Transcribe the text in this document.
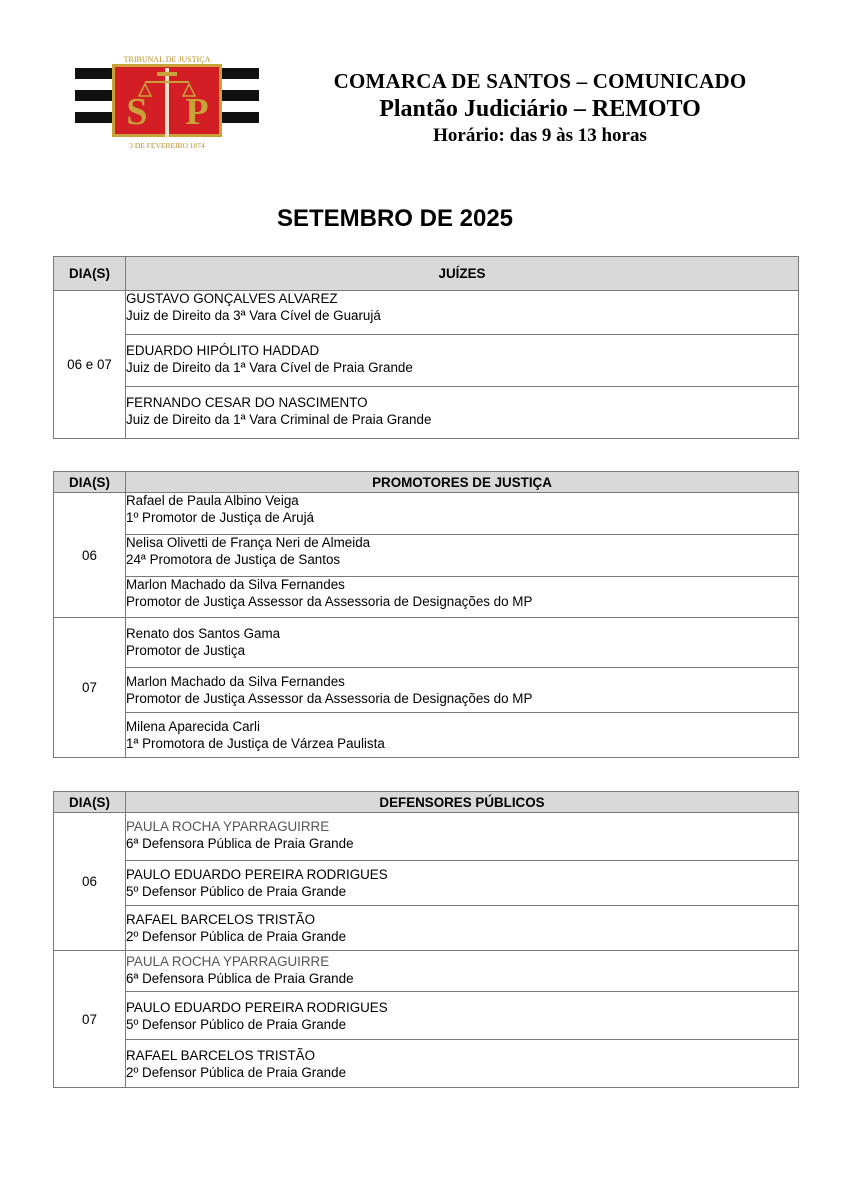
S P
TRIBUNAL DE JUSTIÇA
3 DE FEVEREIRO 1874
COMARCA DE SANTOS – COMUNICADO
Plantão Judiciário – REMOTO
Horário: das 9 às 13 horas
SETEMBRO DE 2025
DIA(S)	JUÍZES
06 e 07	GUSTAVO GONÇALVES ALVAREZ
Juiz de Direito da 3ª Vara Cível de Guarujá

	EDUARDO HIPÓLITO HADDAD
Juiz de Direito da 1ª Vara Cível de Praia Grande

	FERNANDO CESAR DO NASCIMENTO
Juiz de Direito da 1ª Vara Criminal de Praia Grande
DIA(S)	PROMOTORES DE JUSTIÇA
06	Rafael de Paula Albino Veiga
1º Promotor de Justiça de Arujá

	Nelisa Olivetti de França Neri de Almeida
24ª Promotora de Justiça de Santos

	Marlon Machado da Silva Fernandes
Promotor de Justiça Assessor da Assessoria de Designações do MP

07	Renato dos Santos Gama
Promotor de Justiça

	Marlon Machado da Silva Fernandes
Promotor de Justiça Assessor da Assessoria de Designações do MP

	Milena Aparecida Carli
1ª Promotora de Justiça de Várzea Paulista
DIA(S)	DEFENSORES PÚBLICOS
06	PAULA ROCHA YPARRAGUIRRE
6ª Defensora Pública de Praia Grande

	PAULO EDUARDO PEREIRA RODRIGUES
5º Defensor Público de Praia Grande

	RAFAEL BARCELOS TRISTÃO
2º Defensor Pública de Praia Grande

07	PAULA ROCHA YPARRAGUIRRE
6ª Defensora Pública de Praia Grande

	PAULO EDUARDO PEREIRA RODRIGUES
5º Defensor Público de Praia Grande

	RAFAEL BARCELOS TRISTÃO
2º Defensor Pública de Praia Grande
